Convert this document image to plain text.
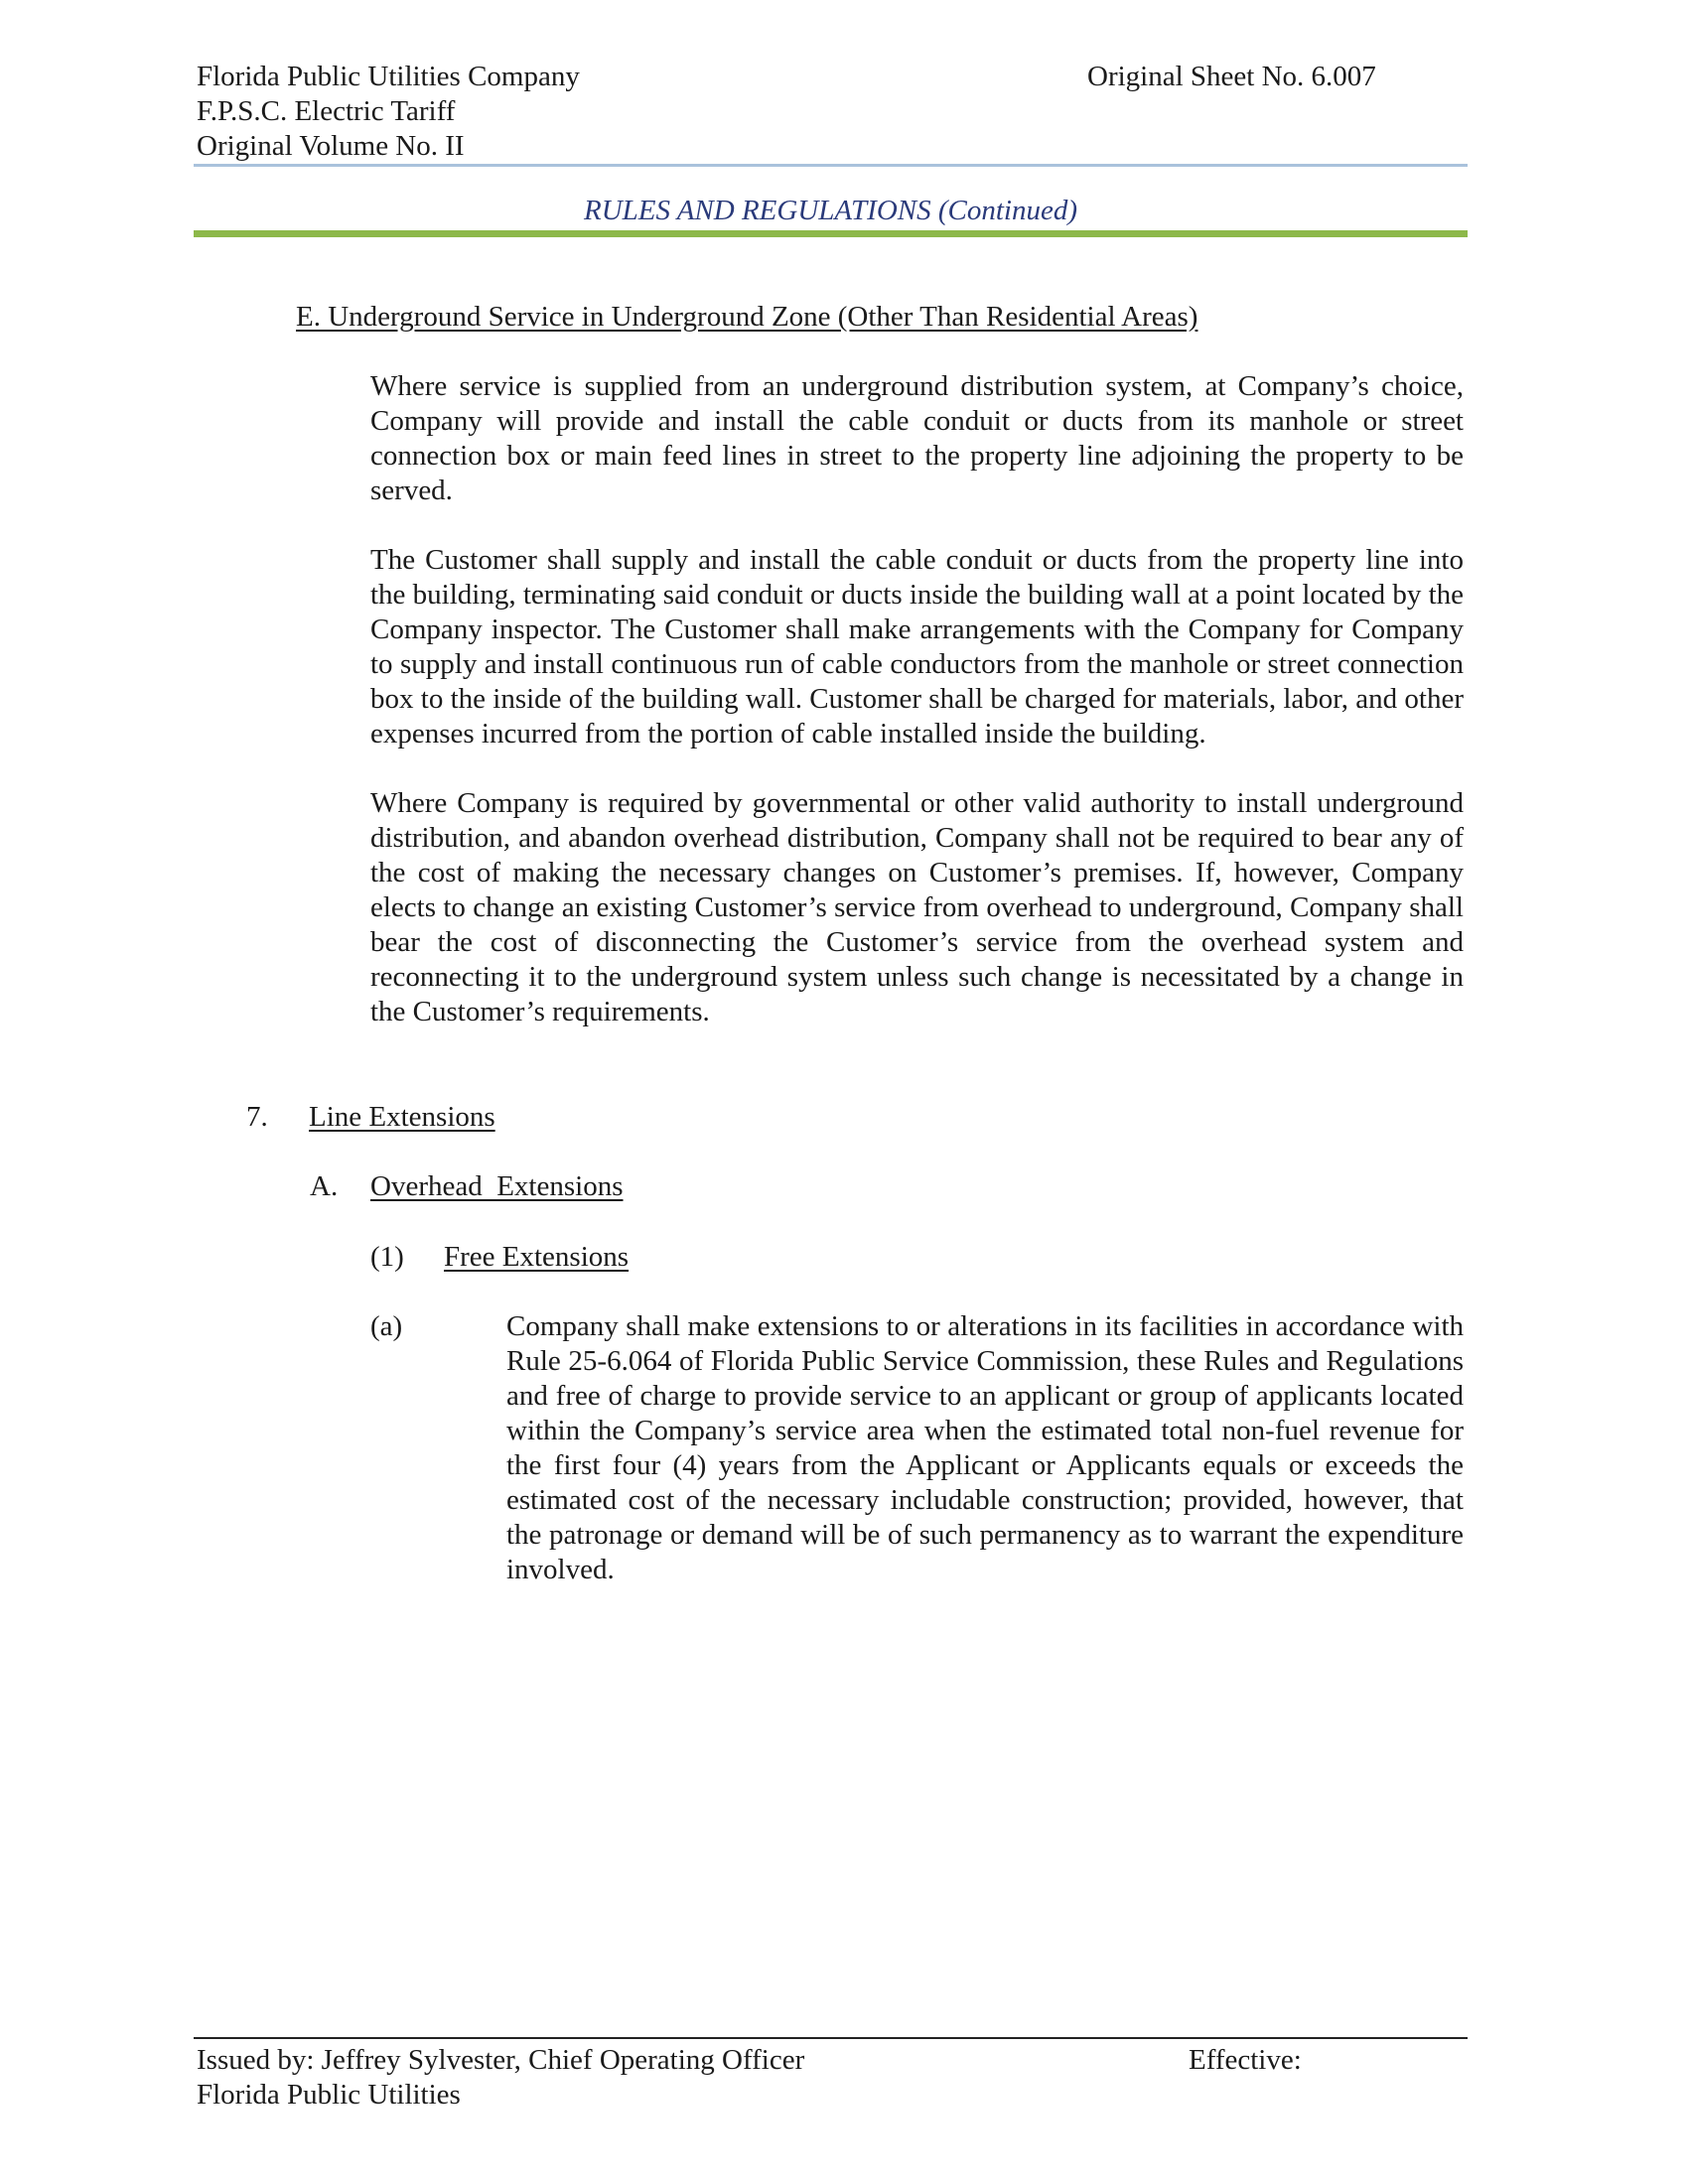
Florida Public Utilities Company
F.P.S.C. Electric Tariff
Original Volume No. II
Original Sheet No. 6.007
RULES AND REGULATIONS (Continued)
E. Underground Service in Underground Zone (Other Than Residential Areas)

Where service is supplied from an underground distribution system, at Company’s choice, Company will provide and install the cable conduit or ducts from its manhole or street connection box or main feed lines in street to the property line adjoining the property to be served.

The Customer shall supply and install the cable conduit or ducts from the property line into the building, terminating said conduit or ducts inside the building wall at a point located by the Company inspector. The Customer shall make arrangements with the Company for Company to supply and install continuous run of cable conductors from the manhole or street connection box to the inside of the building wall. Customer shall be charged for materials, labor, and other expenses incurred from the portion of cable installed inside the building.

Where Company is required by governmental or other valid authority to install underground distribution, and abandon overhead distribution, Company shall not be required to bear any of the cost of making the necessary changes on Customer’s premises. If, however, Company elects to change an existing Customer’s service from overhead to underground, Company shall bear the cost of disconnecting the Customer’s service from the overhead system and reconnecting it to the underground system unless such change is necessitated by a change in the Customer’s requirements.

7. Line Extensions
A. Overhead  Extensions
(1) Free Extensions
(a)	Company shall make extensions to or alterations in its facilities in accordance with Rule 25-6.064 of Florida Public Service Commission, these Rules and Regulations and free of charge to provide service to an applicant or group of applicants located within the Company’s service area when the estimated total non-fuel revenue for the first four (4) years from the Applicant or Applicants equals or exceeds the estimated cost of the necessary includable construction; provided, however, that the patronage or demand will be of such permanency as to warrant the expenditure involved.

Issued by: Jeffrey Sylvester, Chief Operating Officer
Florida Public Utilities
Effective:
